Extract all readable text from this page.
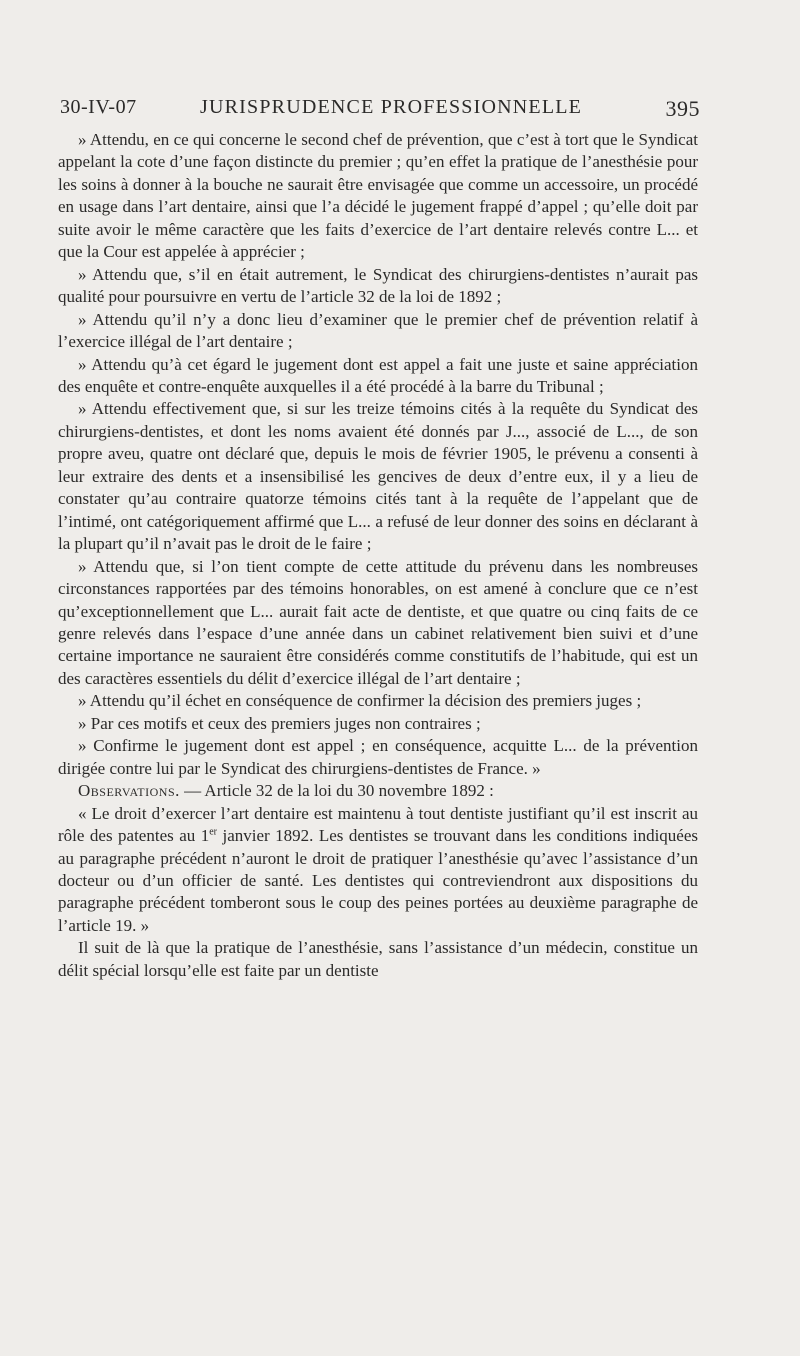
30-IV-07	JURISPRUDENCE PROFESSIONNELLE	395

» Attendu, en ce qui concerne le second chef de prévention, que c’est à tort que le Syndicat appelant la cote d’une façon distincte du premier ; qu’en effet la pratique de l’anesthésie pour les soins à donner à la bouche ne saurait être envisagée que comme un accessoire, un procédé en usage dans l’art dentaire, ainsi que l’a décidé le jugement frappé d’appel ; qu’elle doit par suite avoir le même caractère que les faits d’exercice de l’art dentaire relevés contre L... et que la Cour est appelée à apprécier ;

» Attendu que, s’il en était autrement, le Syndicat des chirurgiens-dentistes n’aurait pas qualité pour poursuivre en vertu de l’article 32 de la loi de 1892 ;

» Attendu qu’il n’y a donc lieu d’examiner que le premier chef de prévention relatif à l’exercice illégal de l’art dentaire ;

» Attendu qu’à cet égard le jugement dont est appel a fait une juste et saine appréciation des enquête et contre-enquête auxquelles il a été procédé à la barre du Tribunal ;

» Attendu effectivement que, si sur les treize témoins cités à la requête du Syndicat des chirurgiens-dentistes, et dont les noms avaient été donnés par J..., associé de L..., de son propre aveu, quatre ont déclaré que, depuis le mois de février 1905, le prévenu a consenti à leur extraire des dents et a insensibilisé les gencives de deux d’entre eux, il y a lieu de constater qu’au contraire quatorze témoins cités tant à la requête de l’appelant que de l’intimé, ont catégoriquement affirmé que L... a refusé de leur donner des soins en déclarant à la plupart qu’il n’avait pas le droit de le faire ;

» Attendu que, si l’on tient compte de cette attitude du prévenu dans les nombreuses circonstances rapportées par des témoins honorables, on est amené à conclure que ce n’est qu’exceptionnellement que L... aurait fait acte de dentiste, et que quatre ou cinq faits de ce genre relevés dans l’espace d’une année dans un cabinet relativement bien suivi et d’une certaine importance ne sauraient être considérés comme constitutifs de l’habitude, qui est un des caractères essentiels du délit d’exercice illégal de l’art dentaire ;

» Attendu qu’il échet en conséquence de confirmer la décision des premiers juges ;

» Par ces motifs et ceux des premiers juges non contraires ;

» Confirme le jugement dont est appel ; en conséquence, acquitte L... de la prévention dirigée contre lui par le Syndicat des chirurgiens-dentistes de France. »

Observations. — Article 32 de la loi du 30 novembre 1892 :

« Le droit d’exercer l’art dentaire est maintenu à tout dentiste justifiant qu’il est inscrit au rôle des patentes au 1er janvier 1892. Les dentistes se trouvant dans les conditions indiquées au paragraphe précédent n’auront le droit de pratiquer l’anesthésie qu’avec l’assistance d’un docteur ou d’un officier de santé. Les dentistes qui contreviendront aux dispositions du paragraphe précédent tomberont sous le coup des peines portées au deuxième paragraphe de l’article 19. »

Il suit de là que la pratique de l’anesthésie, sans l’assistance d’un médecin, constitue un délit spécial lorsqu’elle est faite par un dentiste
